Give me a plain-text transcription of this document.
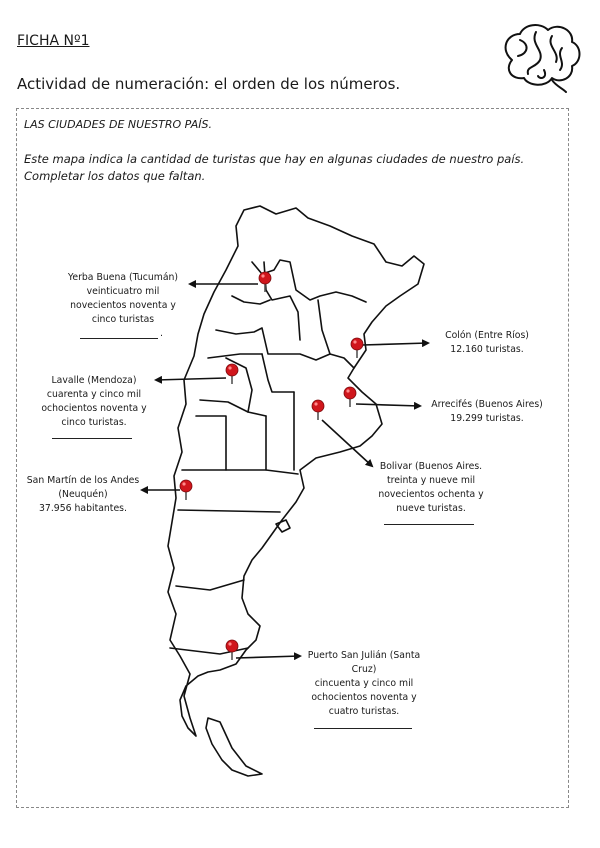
FICHA Nº1
Actividad de numeración: el orden de los números.
LAS CIUDADES DE NUESTRO PAÍS.
Este mapa indica la cantidad de turistas que hay en algunas ciudades de nuestro país.
Completar los datos que faltan.
Yerba Buena (Tucumán)
veinticuatro mil
novecientos noventa y
cinco turistas
.
Lavalle (Mendoza)
cuarenta y cinco mil
ochocientos noventa y
cinco turistas.
San Martín de los Andes
(Neuquén)
37.956 habitantes.
Colón (Entre Ríos)
12.160 turistas.
Arrecifés (Buenos Aires)
19.299 turistas.
Bolivar (Buenos Aires.
treinta y nueve mil
novecientos ochenta y
nueve turistas.
Puerto San Julián (Santa
Cruz)
cincuenta y cinco mil
ochocientos noventa y
cuatro turistas.
